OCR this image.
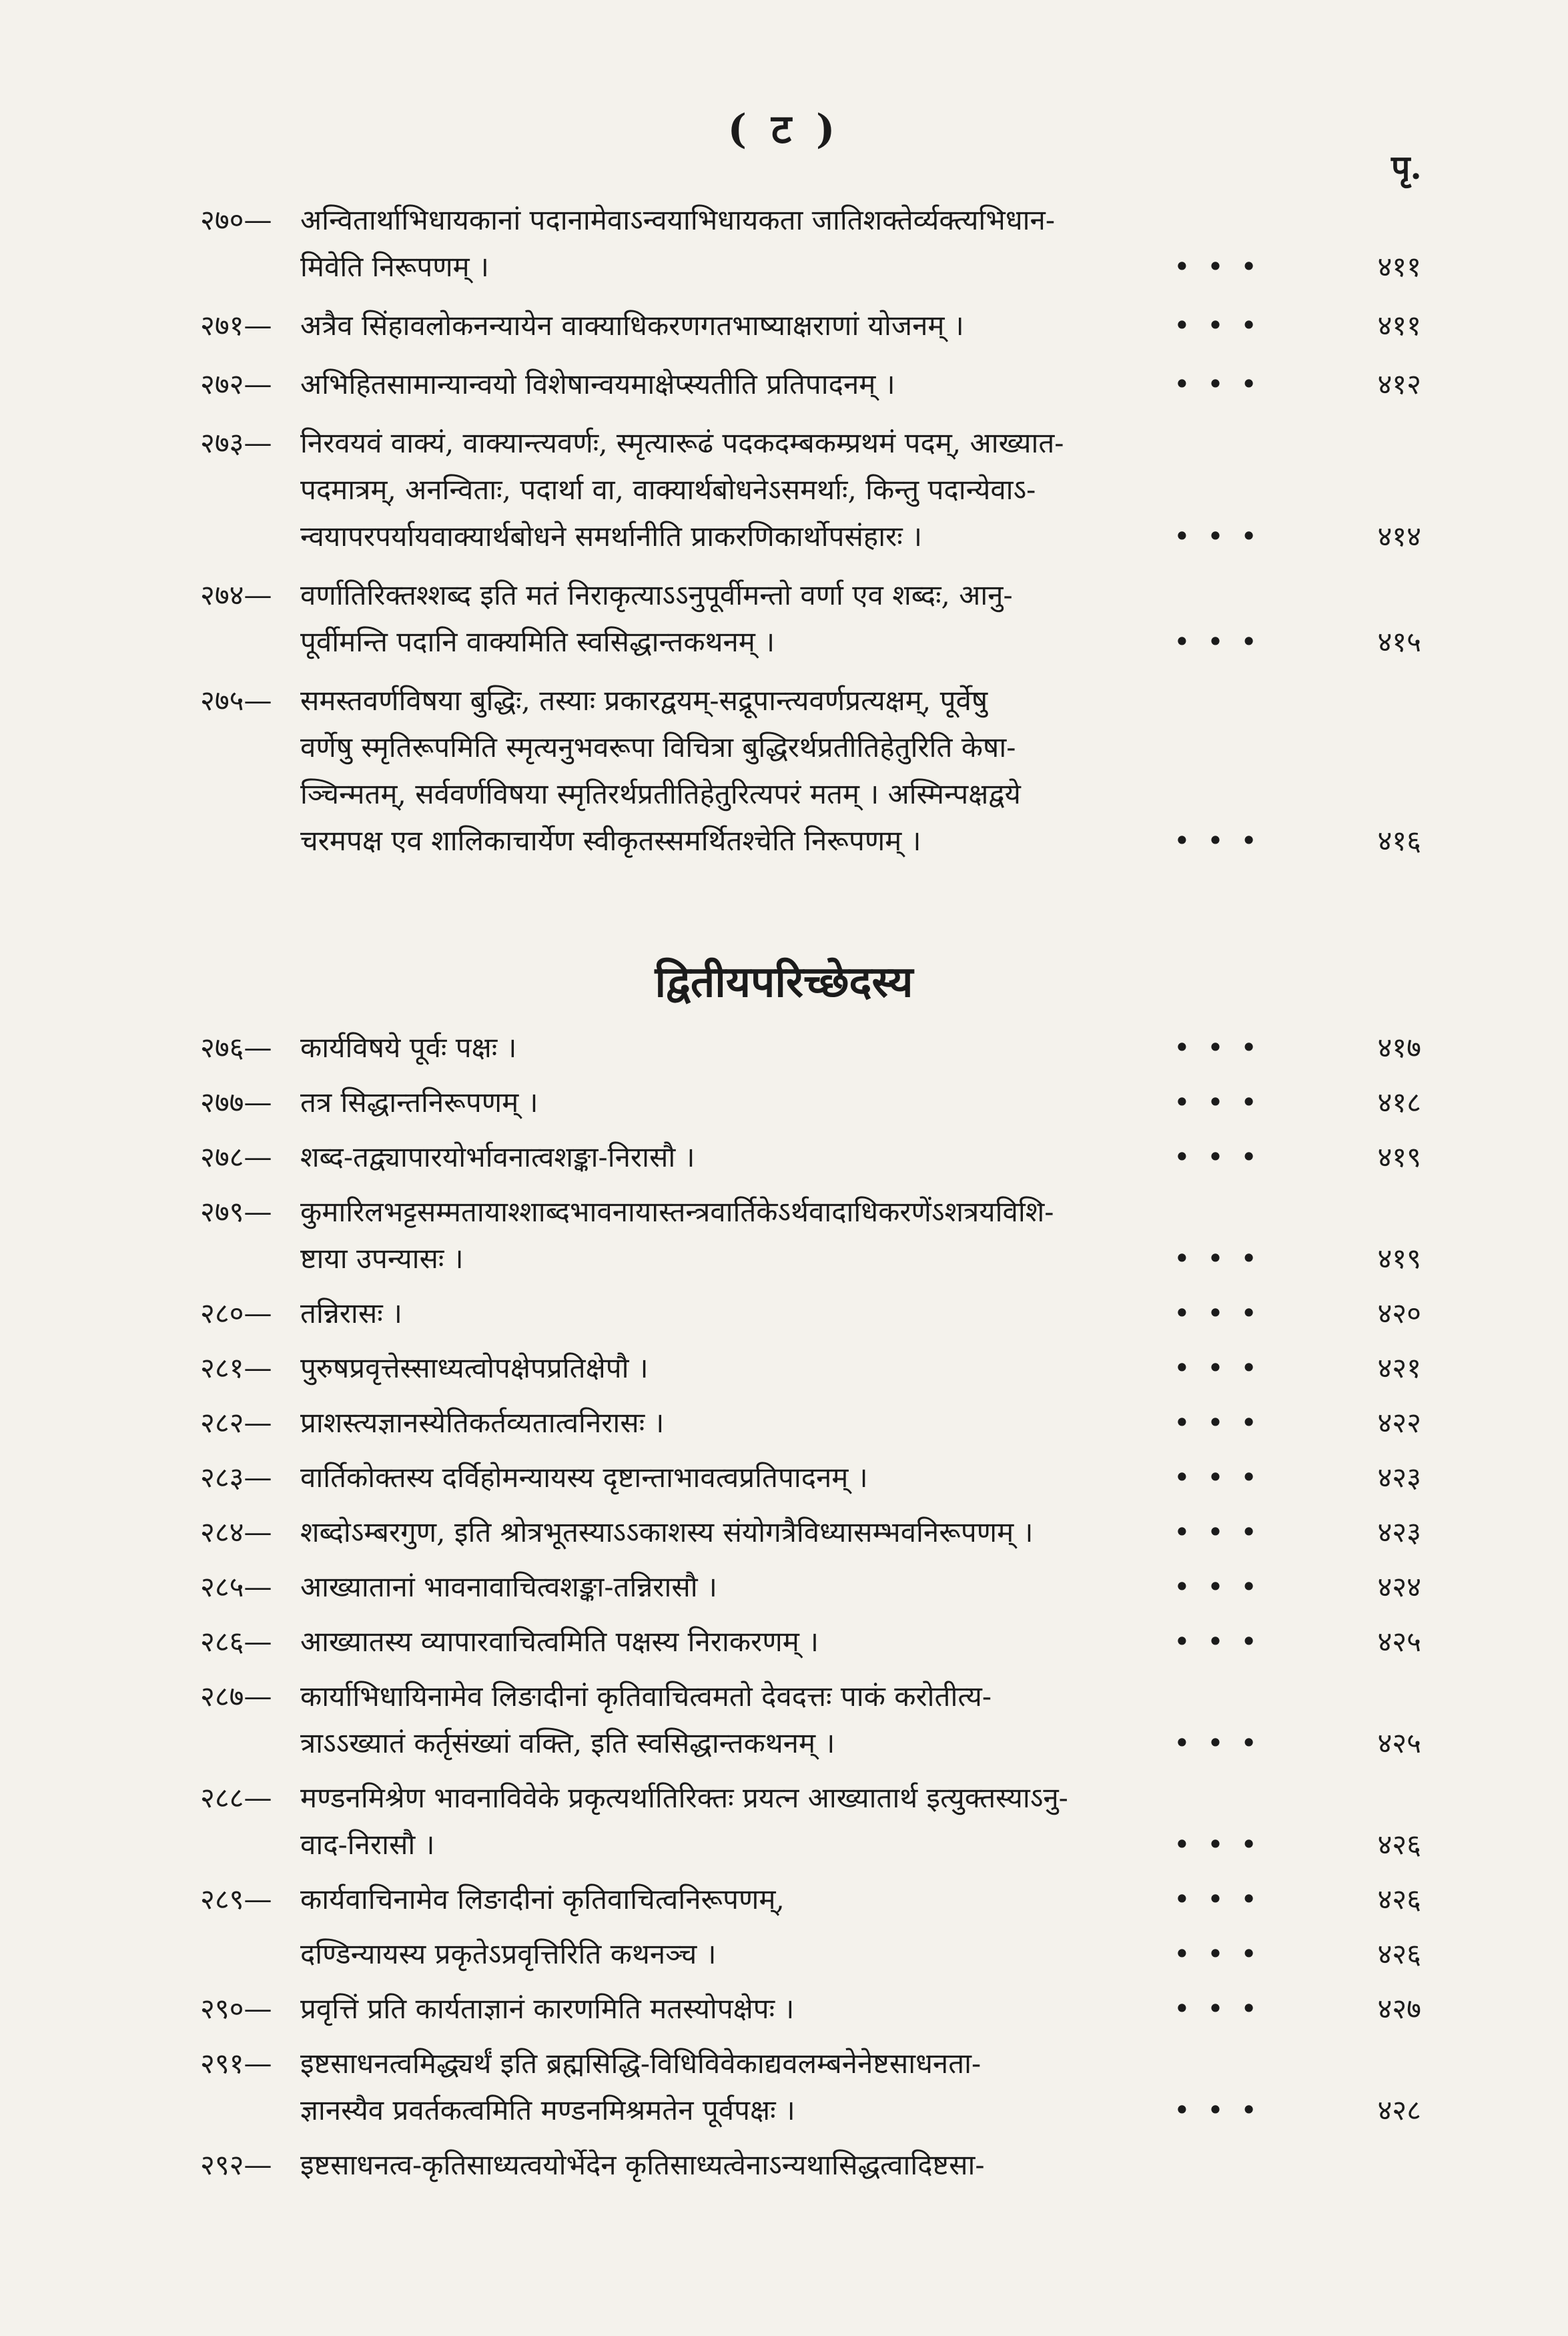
( ट )
पृ.
२७०—	अन्वितार्थाभिधायकानां पदानामेवाऽन्वयाभिधायकता जातिशक्तेर्व्यक्त्यभिधान-
मिवेति निरूपणम् ।	४११
• • •
२७१—	अत्रैव सिंहावलोकनन्यायेन वाक्याधिकरणगतभाष्याक्षराणां योजनम् ।	४११
• • •
२७२—	अभिहितसामान्यान्वयो विशेषान्वयमाक्षेप्स्यतीति प्रतिपादनम् ।	४१२
• • •
२७३—	निरवयवं वाक्यं, वाक्यान्त्यवर्णः, स्मृत्यारूढं पदकदम्बकम्प्रथमं पदम्, आख्यात-
पदमात्रम्, अनन्विताः, पदार्था वा, वाक्यार्थबोधनेऽसमर्थाः, किन्तु पदान्येवाऽ-
न्वयापरपर्यायवाक्यार्थबोधने समर्थानीति प्राकरणिकार्थोपसंहारः ।	४१४
• • •
२७४—	वर्णातिरिक्तश्शब्द इति मतं निराकृत्याऽऽनुपूर्वीमन्तो वर्णा एव शब्दः, आनु-
पूर्वीमन्ति पदानि वाक्यमिति स्वसिद्धान्तकथनम् ।	४१५
• • •
२७५—	समस्तवर्णविषया बुद्धिः, तस्याः प्रकारद्वयम्-सद्रूपान्त्यवर्णप्रत्यक्षम्, पूर्वेषु
वर्णेषु स्मृतिरूपमिति स्मृत्यनुभवरूपा विचित्रा बुद्धिरर्थप्रतीतिहेतुरिति केषा-
ञ्चिन्मतम्, सर्ववर्णविषया स्मृतिरर्थप्रतीतिहेतुरित्यपरं मतम् । अस्मिन्पक्षद्वये
चरमपक्ष एव शालिकाचार्येण स्वीकृतस्समर्थितश्चेति निरूपणम् ।	४१६
• • •
द्वितीयपरिच्छेदस्य
२७६—	कार्यविषये पूर्वः पक्षः ।	४१७
• • •
२७७—	तत्र सिद्धान्तनिरूपणम् ।	४१८
• • •
२७८—	शब्द-तद्व्यापारयोर्भावनात्वशङ्का-निरासौ ।	४१९
• • •
२७९—	कुमारिलभट्टसम्मतायाश्शाब्दभावनायास्तन्त्रवार्तिकेऽर्थवादाधिकरणेंऽशत्रयविशि-
ष्टाया उपन्यासः ।	४१९
• • •
२८०—	तन्निरासः ।	४२०
• • •
२८१—	पुरुषप्रवृत्तेस्साध्यत्वोपक्षेपप्रतिक्षेपौ ।	४२१
• • •
२८२—	प्राशस्त्यज्ञानस्येतिकर्तव्यतात्वनिरासः ।	४२२
• • •
२८३—	वार्तिकोक्तस्य दर्विहोमन्यायस्य दृष्टान्ताभावत्वप्रतिपादनम् ।	४२३
• • •
२८४—	शब्दोऽम्बरगुण, इति श्रोत्रभूतस्याऽऽकाशस्य संयोगत्रैविध्यासम्भवनिरूपणम् ।	४२३
• • •
२८५—	आख्यातानां भावनावाचित्वशङ्का-तन्निरासौ ।	४२४
• • •
२८६—	आख्यातस्य व्यापारवाचित्वमिति पक्षस्य निराकरणम् ।	४२५
• • •
२८७—	कार्याभिधायिनामेव लिङादीनां कृतिवाचित्वमतो देवदत्तः पाकं करोतीत्य-
त्राऽऽख्यातं कर्तृसंख्यां वक्ति, इति स्वसिद्धान्तकथनम् ।	४२५
• • •
२८८—	मण्डनमिश्रेण भावनाविवेके प्रकृत्यर्थातिरिक्तः प्रयत्न आख्यातार्थ इत्युक्तस्याऽनु-
वाद-निरासौ ।	४२६
• • •
२८९—	कार्यवाचिनामेव लिङादीनां कृतिवाचित्वनिरूपणम्,	४२६
• • •
दण्डिन्यायस्य प्रकृतेऽप्रवृत्तिरिति कथनञ्च ।	४२६
• • •
२९०—	प्रवृत्तिं प्रति कार्यताज्ञानं कारणमिति मतस्योपक्षेपः ।	४२७
• • •
२९१—	इष्टसाधनत्वमिद्ध्यर्थं इति ब्रह्मसिद्धि-विधिविवेकाद्यवलम्बनेनेष्टसाधनता-
ज्ञानस्यैव प्रवर्तकत्वमिति मण्डनमिश्रमतेन पूर्वपक्षः ।	४२८
• • •
२९२—	इष्टसाधनत्व-कृतिसाध्यत्वयोर्भेदेन कृतिसाध्यत्वेनाऽन्यथासिद्धत्वादिष्टसा-
